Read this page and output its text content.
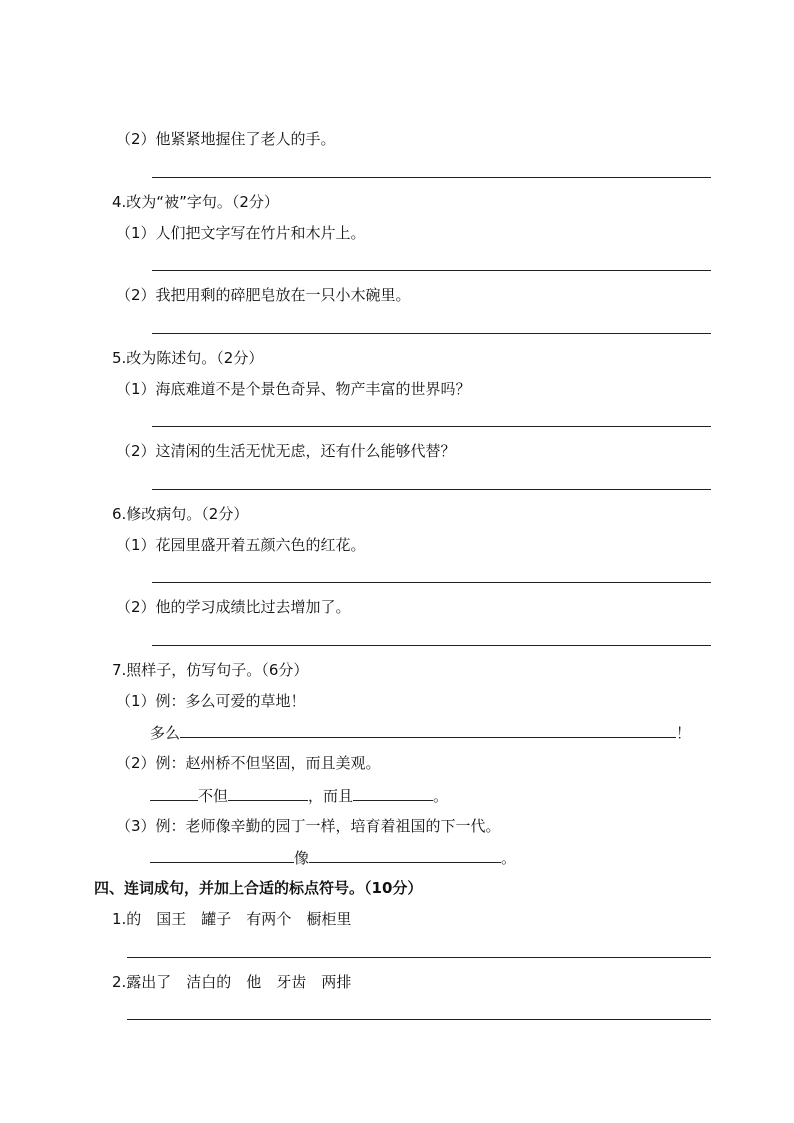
（2）他紧紧地握住了老人的手。
4.改为“被”字句。（2分）
（1）人们把文字写在竹片和木片上。
（2）我把用剩的碎肥皂放在一只小木碗里。
5.改为陈述句。（2分）
（1）海底难道不是个景色奇异、物产丰富的世界吗？
（2）这清闲的生活无忧无虑，还有什么能够代替？
6.修改病句。（2分）
（1）花园里盛开着五颜六色的红花。
（2）他的学习成绩比过去增加了。
7.照样子，仿写句子。（6分）
（1）例：多么可爱的草地！
多么	！
（2）例：赵州桥不但坚固，而且美观。
不但	，而且	。
（3）例：老师像辛勤的园丁一样，培育着祖国的下一代。
像	。
四、连词成句，并加上合适的标点符号。（10分）
1.的　国王　罐子　有两个　橱柜里
2.露出了　洁白的　他　牙齿　两排
